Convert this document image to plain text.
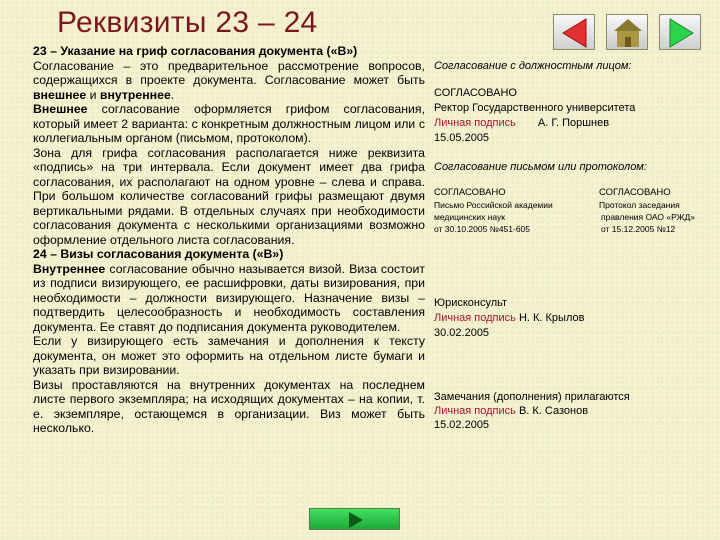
Реквизиты 23 – 24

23 – Указание на гриф согласования документа («В»)

Согласование – это предварительное рассмотрение вопросов, содержащихся в проекте документа. Согласование может быть внешнее и внутреннее.

Внешнее согласование оформляется грифом согласования, который имеет 2 варианта: с конкретным должностным лицом или с коллегиальным органом (письмом, протоколом).

Зона для грифа согласования располагается ниже реквизита «подпись» на три интервала. Если документ имеет два грифа согласования, их располагают на одном уровне – слева и справа. При большом количестве согласований грифы размещают двумя вертикальными рядами. В отдельных случаях при необходимости согласования документа с несколькими организациями возможно оформление отдельного листа согласования.

24 – Визы согласования документа («В»)

Внутреннее согласование обычно называется визой. Виза состоит из подписи визирующего, ее расшифровки, даты визирования, при необходимости – должности визирующего. Назначение визы – подтвердить целесообразность и необходимость составления документа. Ее ставят до подписания документа руководителем.

Если у визирующего есть замечания и дополнения к тексту документа, он может это оформить на отдельном листе бумаги и указать при визировании.

Визы проставляются на внутренних документах на последнем листе первого экземпляра; на исходящих документах – на копии, т. е. экземпляре, остающемся в организации. Виз может быть несколько.

Согласование с должностным лицом:
СОГЛАСОВАНО
Ректор Государственного университета
Личная подпись А. Г. Поршнев
15.05.2005
Согласование письмом или протоколом:
СОГЛАСОВАНО
Письмо Российской академии
медицинских наук
от 30.10.2005 №451-605
СОГЛАСОВАНО
Протокол заседания
правления ОАО «РЖД»
от 15.12.2005 №12
Юрисконсульт
Личная подпись Н. К. Крылов
30.02.2005
Замечания (дополнения) прилагаются
Личная подпись В. К. Сазонов
15.02.2005
